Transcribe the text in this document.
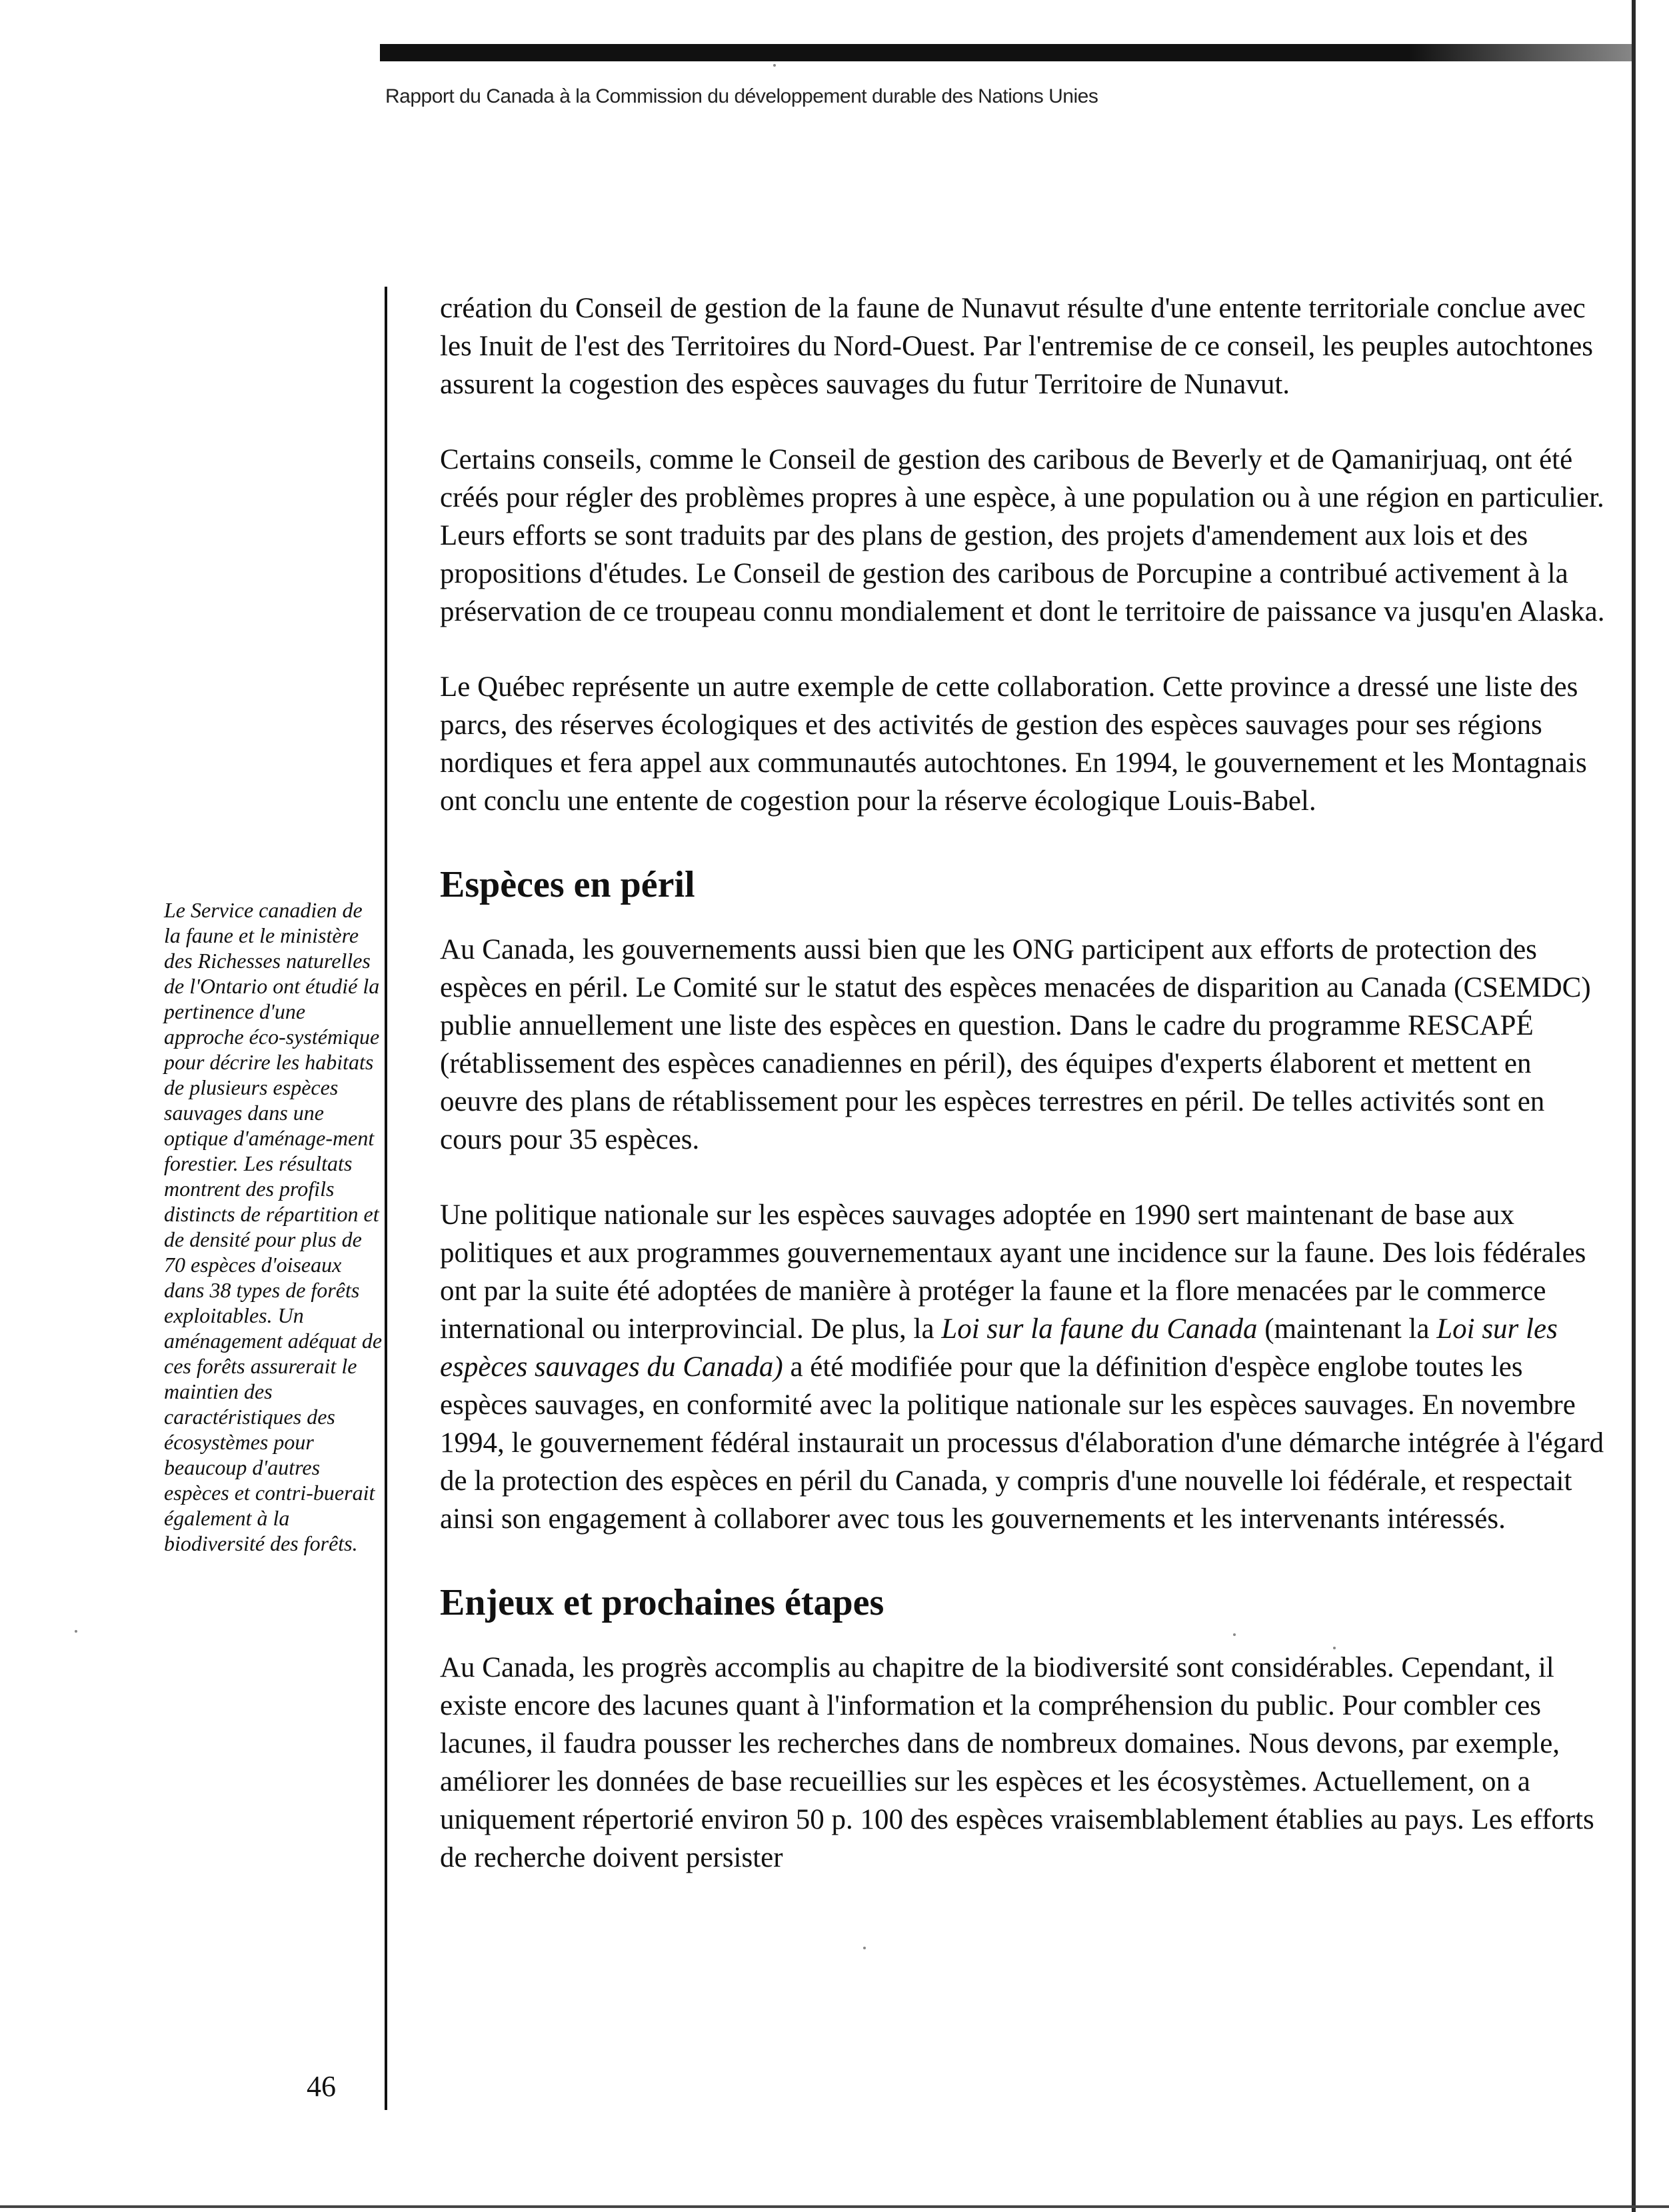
Rapport du Canada à la Commission du développement durable des Nations Unies
Le Service canadien de la faune et le ministère des Richesses naturelles de l'Ontario ont étudié la pertinence d'une approche éco-systémique pour décrire les habitats de plusieurs espèces sauvages dans une optique d'aménage-ment forestier. Les résultats montrent des profils distincts de répartition et de densité pour plus de 70 espèces d'oiseaux dans 38 types de forêts exploitables. Un aménagement adéquat de ces forêts assurerait le maintien des caractéristiques des écosystèmes pour beaucoup d'autres espèces et contri-buerait également à la biodiversité des forêts.

création du Conseil de gestion de la faune de Nunavut résulte d'une entente territoriale conclue avec les Inuit de l'est des Territoires du Nord-Ouest. Par l'entremise de ce conseil, les peuples autochtones assurent la cogestion des espèces sauvages du futur Territoire de Nunavut.

Certains conseils, comme le Conseil de gestion des caribous de Beverly et de Qamanirjuaq, ont été créés pour régler des problèmes propres à une espèce, à une population ou à une région en particulier. Leurs efforts se sont traduits par des plans de gestion, des projets d'amendement aux lois et des propositions d'études. Le Conseil de gestion des caribous de Porcupine a contribué activement à la préservation de ce troupeau connu mondialement et dont le territoire de paissance va jusqu'en Alaska.

Le Québec représente un autre exemple de cette collaboration. Cette province a dressé une liste des parcs, des réserves écologiques et des activités de gestion des espèces sauvages pour ses régions nordiques et fera appel aux communautés autochtones. En 1994, le gouvernement et les Montagnais ont conclu une entente de cogestion pour la réserve écologique Louis-Babel.

Espèces en péril

Au Canada, les gouvernements aussi bien que les ONG participent aux efforts de protection des espèces en péril. Le Comité sur le statut des espèces menacées de disparition au Canada (CSEMDC) publie annuellement une liste des espèces en question. Dans le cadre du programme RESCAPÉ (rétablissement des espèces canadiennes en péril), des équipes d'experts élaborent et mettent en oeuvre des plans de rétablissement pour les espèces terrestres en péril. De telles activités sont en cours pour 35 espèces.

Une politique nationale sur les espèces sauvages adoptée en 1990 sert maintenant de base aux politiques et aux programmes gouvernementaux ayant une incidence sur la faune. Des lois fédérales ont par la suite été adoptées de manière à protéger la faune et la flore menacées par le commerce international ou interprovincial. De plus, la Loi sur la faune du Canada (maintenant la Loi sur les espèces sauvages du Canada) a été modifiée pour que la définition d'espèce englobe toutes les espèces sauvages, en conformité avec la politique nationale sur les espèces sauvages. En novembre 1994, le gouvernement fédéral instaurait un processus d'élaboration d'une démarche intégrée à l'égard de la protection des espèces en péril du Canada, y compris d'une nouvelle loi fédérale, et respectait ainsi son engagement à collaborer avec tous les gouvernements et les intervenants intéressés.

Enjeux et prochaines étapes

Au Canada, les progrès accomplis au chapitre de la biodiversité sont considérables. Cependant, il existe encore des lacunes quant à l'information et la compréhension du public. Pour combler ces lacunes, il faudra pousser les recherches dans de nombreux domaines. Nous devons, par exemple, améliorer les données de base recueillies sur les espèces et les écosystèmes. Actuellement, on a uniquement répertorié environ 50 p. 100 des espèces vraisemblablement établies au pays. Les efforts de recherche doivent persister

46
